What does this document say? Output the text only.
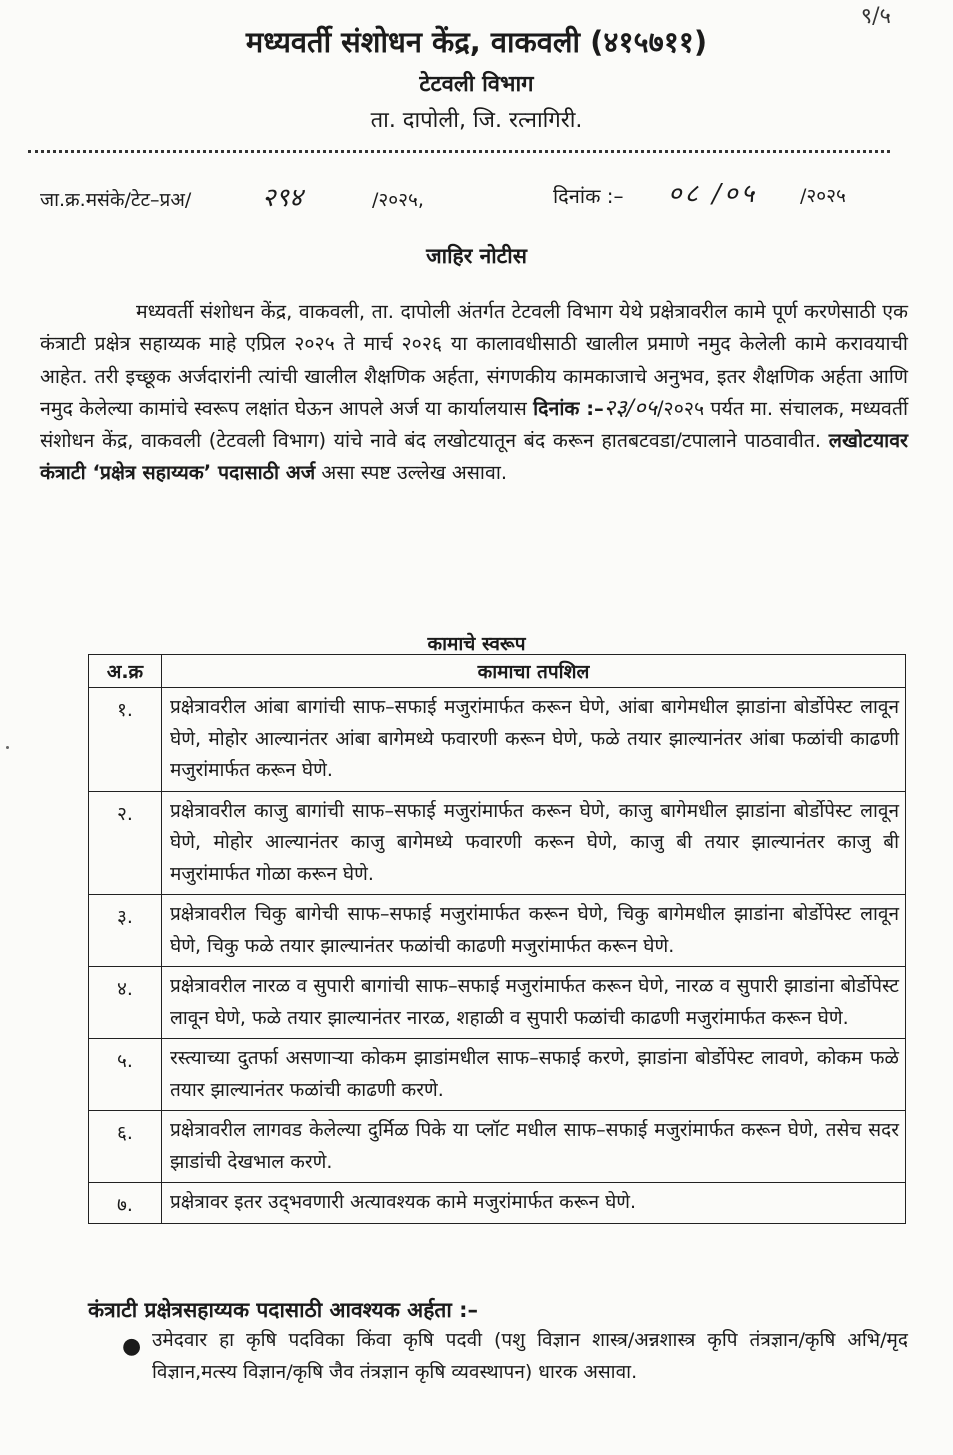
९/५
मध्यवर्ती संशोधन केंद्र, वाकवली (४१५७११)
टेटवली विभाग
ता. दापोली, जि. रत्नागिरी.
जा.क्र.मसंके/टेट–प्रअ/	२९४	/२०२५,	दिनांक :– ०८ /०५ /२०२५
जाहिर नोटीस

मध्यवर्ती संशोधन केंद्र, वाकवली, ता. दापोली अंतर्गत टेटवली विभाग येथे प्रक्षेत्रावरील कामे पूर्ण करणेसाठी एक कंत्राटी प्रक्षेत्र सहाय्यक माहे एप्रिल २०२५ ते मार्च २०२६ या कालावधीसाठी खालील प्रमाणे नमुद केलेली कामे करावयाची आहेत. तरी इच्छूक अर्जदारांनी त्यांची खालील शैक्षणिक अर्हता, संगणकीय कामकाजाचे अनुभव, इतर शैक्षणिक अर्हता आणि नमुद केलेल्या कामांचे स्वरूप लक्षांत घेऊन आपले अर्ज या कार्यालयास दिनांक :–२३/०५/२०२५ पर्यत मा. संचालक, मध्यवर्ती संशोधन केंद्र, वाकवली (टेटवली विभाग) यांचे नावे बंद लखोटयातून बंद करून हातबटवडा/टपालाने पाठवावीत. लखोटयावर कंत्राटी ‘प्रक्षेत्र सहाय्यक’ पदासाठी अर्ज असा स्पष्ट उल्लेख असावा.

कामाचे स्वरूप
अ.क्र	कामाचा तपशिल
१.	प्रक्षेत्रावरील आंबा बागांची साफ–सफाई मजुरांमार्फत करून घेणे, आंबा बागेमधील झाडांना बोर्डोपेस्ट लावून घेणे, मोहोर आल्यानंतर आंबा बागेमध्ये फवारणी करून घेणे, फळे तयार झाल्यानंतर आंबा फळांची काढणी मजुरांमार्फत करून घेणे.
२.	प्रक्षेत्रावरील काजु बागांची साफ–सफाई मजुरांमार्फत करून घेणे, काजु बागेमधील झाडांना बोर्डोपेस्ट लावून घेणे, मोहोर आल्यानंतर काजु बागेमध्ये फवारणी करून घेणे, काजु बी तयार झाल्यानंतर काजु बी मजुरांमार्फत गोळा करून घेणे.
३.	प्रक्षेत्रावरील चिकु बागेची साफ–सफाई मजुरांमार्फत करून घेणे, चिकु बागेमधील झाडांना बोर्डोपेस्ट लावून घेणे, चिकु फळे तयार झाल्यानंतर फळांची काढणी मजुरांमार्फत करून घेणे.
४.	प्रक्षेत्रावरील नारळ व सुपारी बागांची साफ–सफाई मजुरांमार्फत करून घेणे, नारळ व सुपारी झाडांना बोर्डोपेस्ट लावून घेणे, फळे तयार झाल्यानंतर नारळ, शहाळी व सुपारी फळांची काढणी मजुरांमार्फत करून घेणे.
५.	रस्त्याच्या दुतर्फा असणाऱ्या कोकम झाडांमधील साफ–सफाई करणे, झाडांना बोर्डोपेस्ट लावणे, कोकम फळे तयार झाल्यानंतर फळांची काढणी करणे.
६.	प्रक्षेत्रावरील लागवड केलेल्या दुर्मिळ पिके या प्लॉट मधील साफ–सफाई मजुरांमार्फत करून घेणे, तसेच सदर झाडांची देखभाल करणे.
७.	प्रक्षेत्रावर इतर उद्‌भवणारी अत्यावश्यक कामे मजुरांमार्फत करून घेणे.
कंत्राटी प्रक्षेत्रसहाय्यक पदासाठी आवश्यक अर्हता :–
● उमेदवार हा कृषि पदविका किंवा कृषि पदवी (पशु विज्ञान शास्त्र/अन्नशास्त्र कृपि तंत्रज्ञान/कृषि अभि/मृद विज्ञान,मत्स्य विज्ञान/कृषि जैव तंत्रज्ञान कृषि व्यवस्थापन) धारक असावा.
